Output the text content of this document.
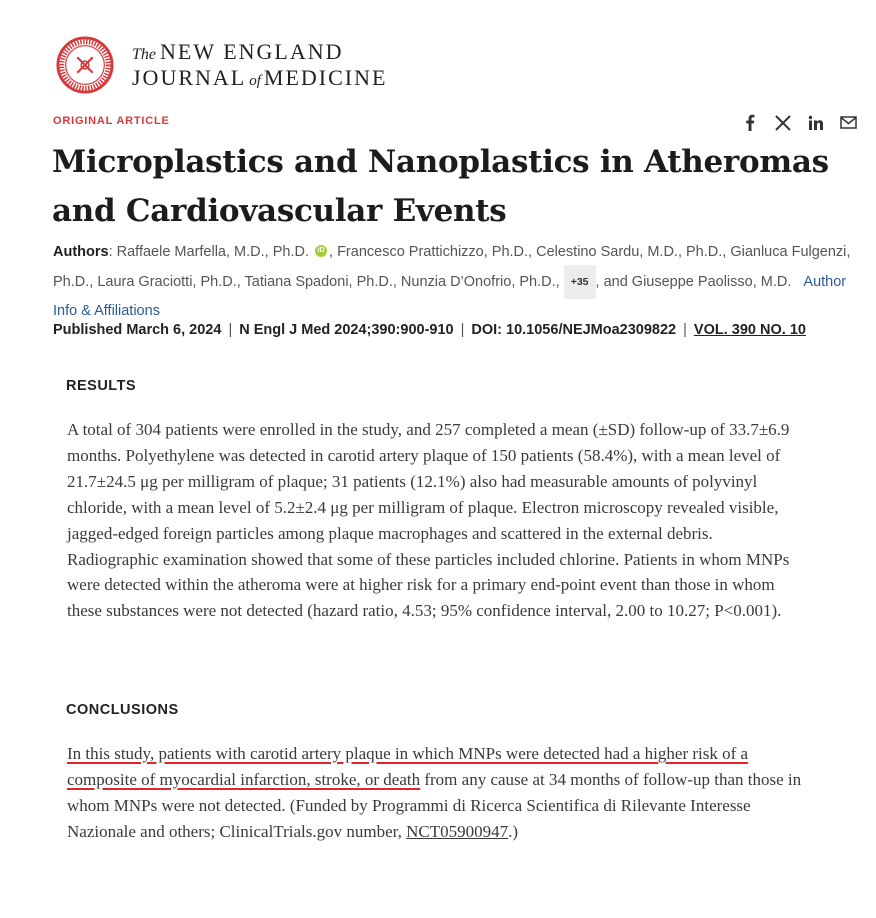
The NEW ENGLAND
JOURNAL of MEDICINE
ORIGINAL ARTICLE
Microplastics and Nanoplastics in Atheromas and Cardiovascular Events
Authors: Raffaele Marfella, M.D., Ph.D. iD , Francesco Prattichizzo, Ph.D., Celestino Sardu, M.D., Ph.D., Gianluca Fulgenzi, Ph.D., Laura Graciotti, Ph.D., Tatiana Spadoni, Ph.D., Nunzia D’Onofrio, Ph.D., +35 , and Giuseppe Paolisso, M.D. Author Info & Affiliations
Published March 6, 2024 | N Engl J Med 2024;390:900-910 | DOI: 10.1056/NEJMoa2309822 | VOL. 390 NO. 10
RESULTS

A total of 304 patients were enrolled in the study, and 257 completed a mean (±SD) follow-up of 33.7±6.9 months. Polyethylene was detected in carotid artery plaque of 150 patients (58.4%), with a mean level of 21.7±24.5 μg per milligram of plaque; 31 patients (12.1%) also had measurable amounts of polyvinyl chloride, with a mean level of 5.2±2.4 μg per milligram of plaque. Electron microscopy revealed visible, jagged-edged foreign particles among plaque macrophages and scattered in the external debris. Radiographic examination showed that some of these particles included chlorine. Patients in whom MNPs were detected within the atheroma were at higher risk for a primary end-point event than those in whom these substances were not detected (hazard ratio, 4.53; 95% confidence interval, 2.00 to 10.27; P<0.001).

CONCLUSIONS

In this study, patients with carotid artery plaque in which MNPs were detected had a higher risk of a composite of myocardial infarction, stroke, or death from any cause at 34 months of follow-up than those in whom MNPs were not detected. (Funded by Programmi di Ricerca Scientifica di Rilevante Interesse Nazionale and others; ClinicalTrials.gov number, NCT05900947.)
